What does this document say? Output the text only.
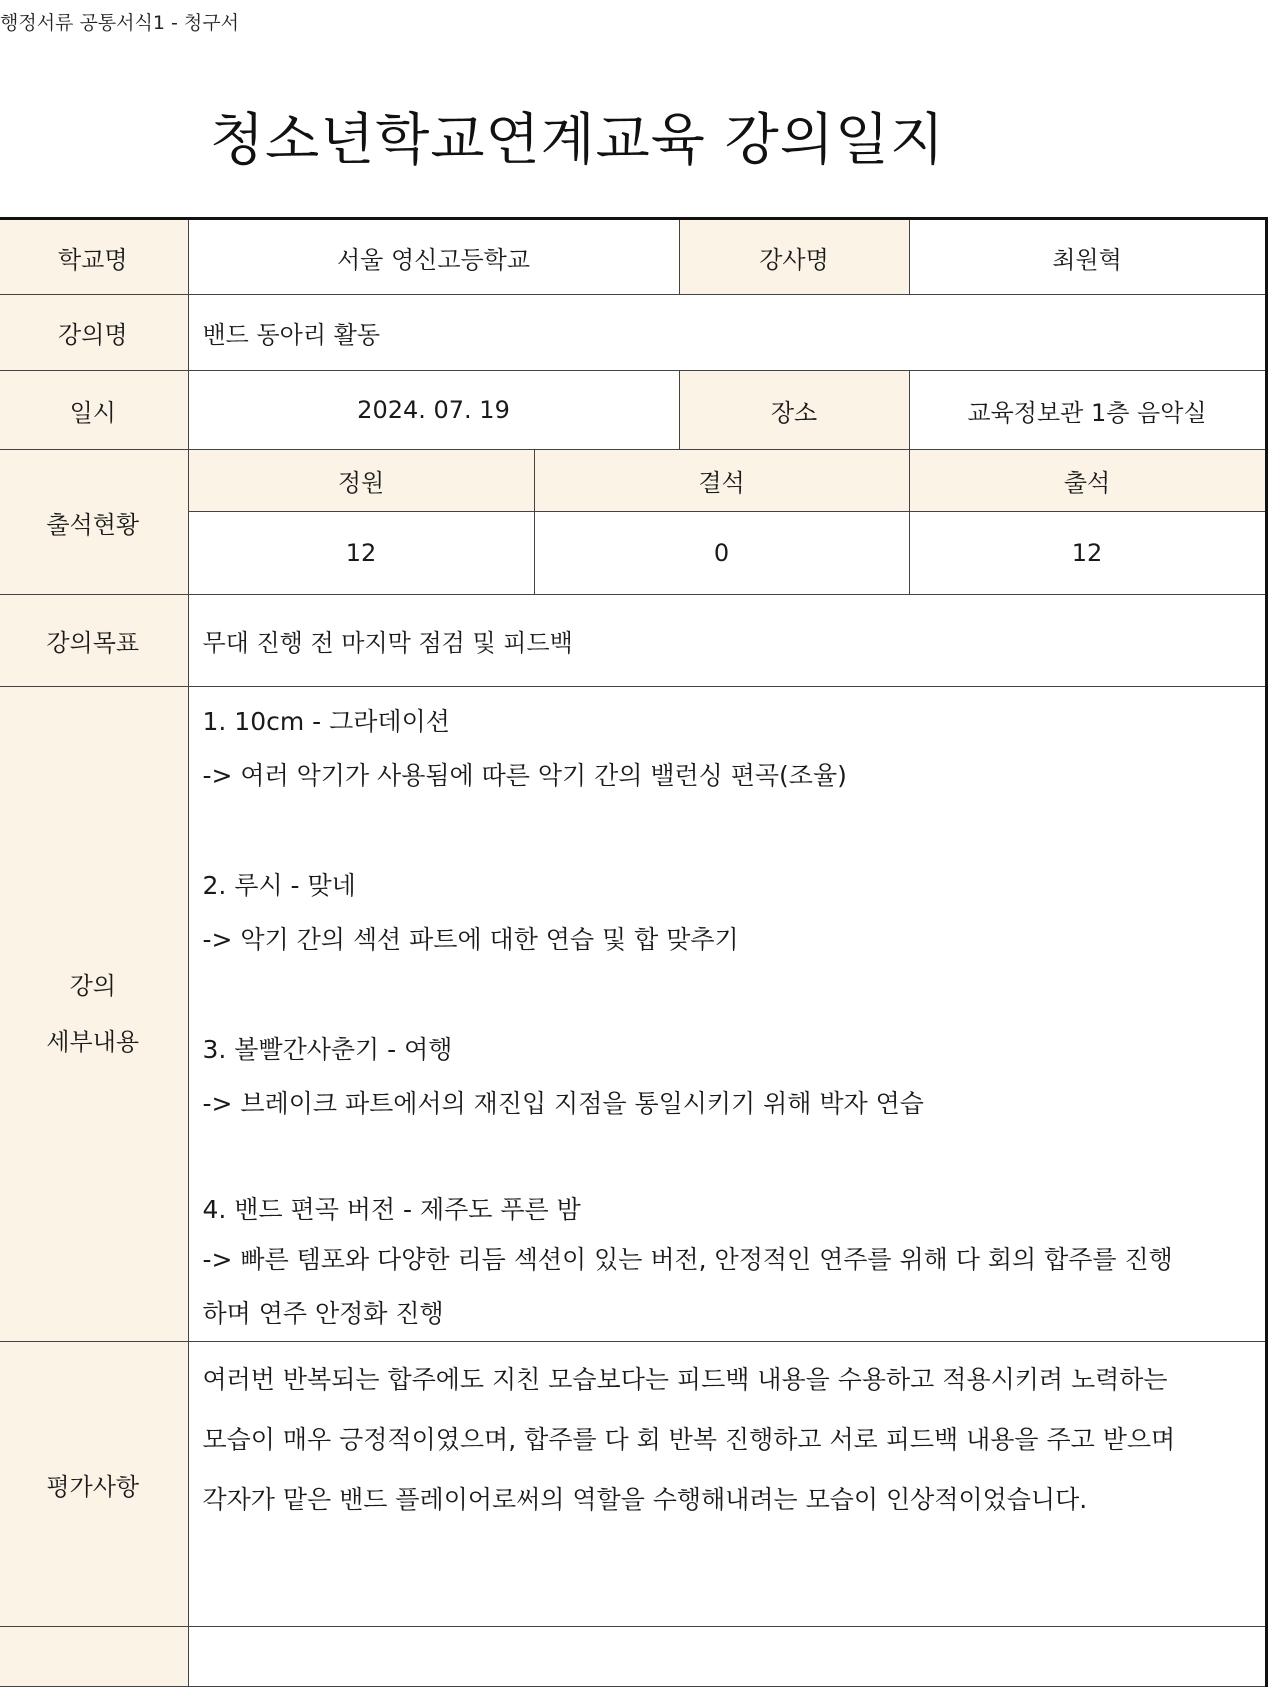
행정서류 공통서식1 - 청구서
청소년학교연계교육 강의일지
학교명	서울 영신고등학교		강사명	최원혁
강의명	밴드 동아리 활동			
일시	2024. 07. 19		장소	교육정보관 1층 음악실
출석현황	정원	결석		출석
	12	0		12
강의목표	무대 진행 전 마지막 점검 및 피드백			

강의
세부내용

1. 10cm - 그라데이션

-> 여러 악기가 사용됨에 따른 악기 간의 밸런싱 편곡(조율)

2. 루시 - 맞네

-> 악기 간의 섹션 파트에 대한 연습 및 합 맞추기

3. 볼빨간사춘기 - 여행

-> 브레이크 파트에서의 재진입 지점을 통일시키기 위해 박자 연습

4. 밴드 편곡 버전 - 제주도 푸른 밤

-> 빠른 템포와 다양한 리듬 섹션이 있는 버전, 안정적인 연주를 위해 다 회의 합주를 진행

하며 연주 안정화 진행

평가사항	여러번 반복되는 합주에도 지친 모습보다는 피드백 내용을 수용하고 적용시키려 노력하는

모습이 매우 긍정적이였으며, 합주를 다 회 반복 진행하고 서로 피드백 내용을 주고 받으며

각자가 맡은 밴드 플레이어로써의 역할을 수행해내려는 모습이 인상적이었습니다.			
